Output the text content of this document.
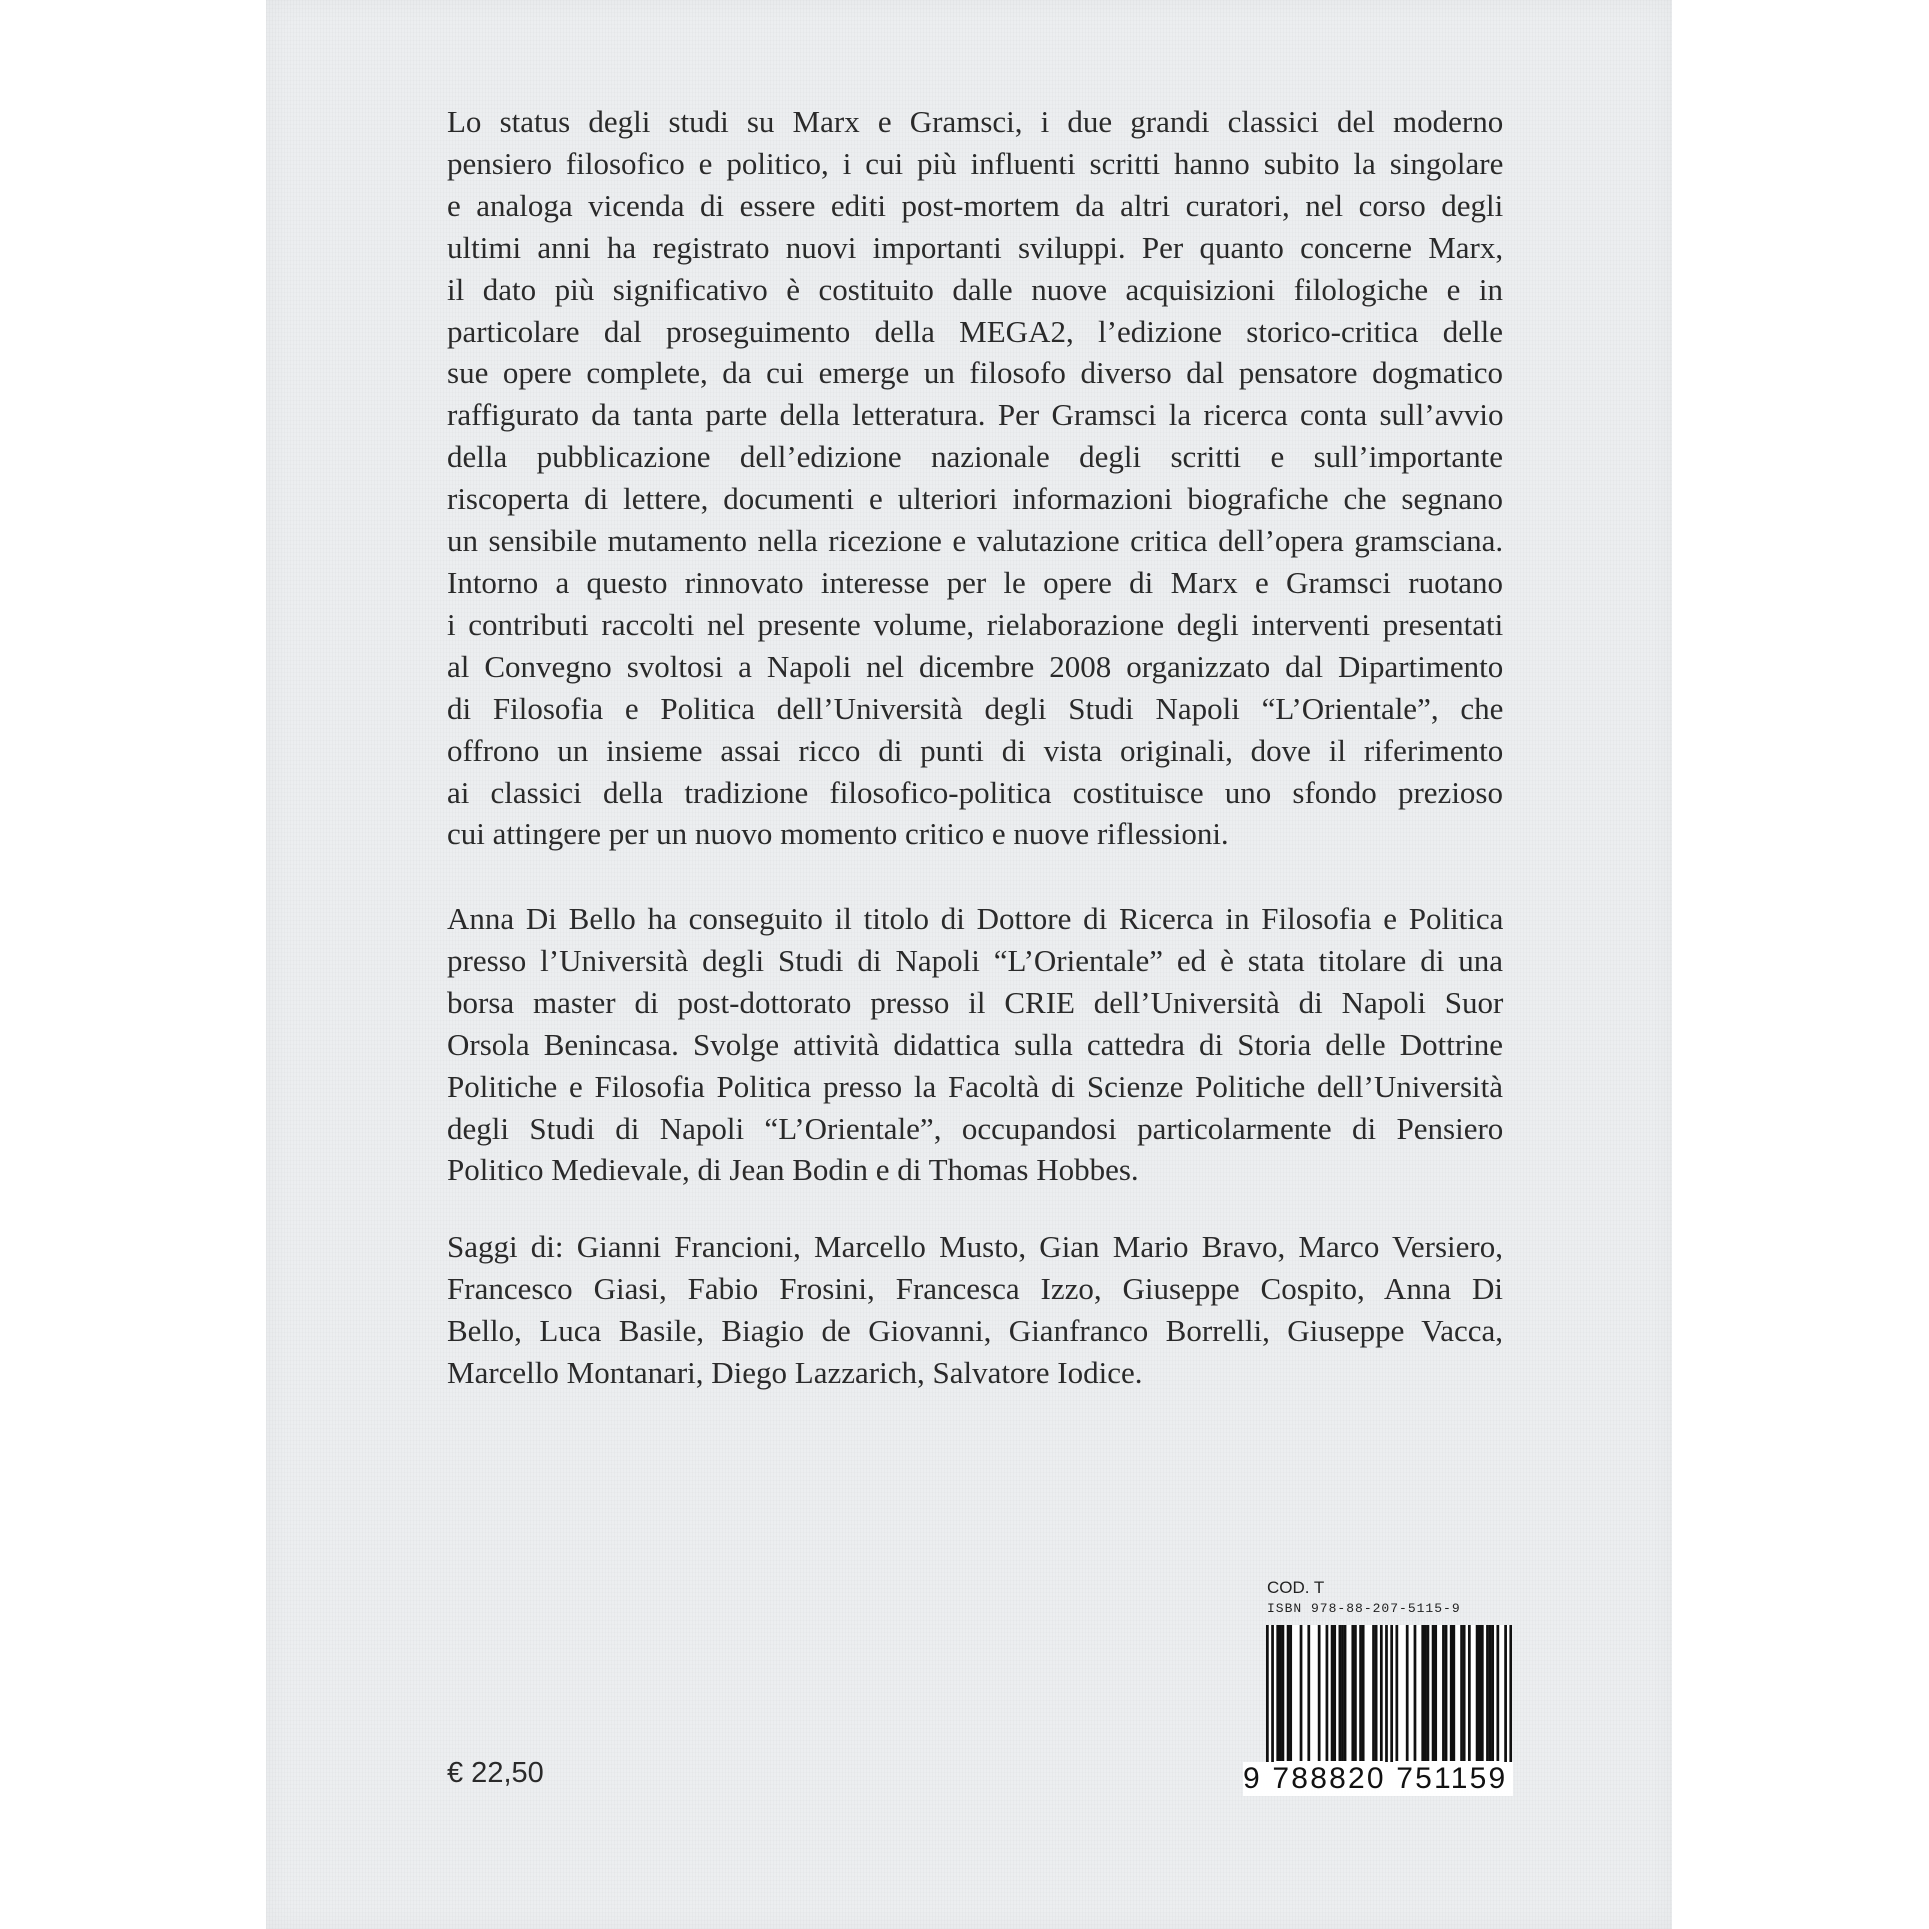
Lo status degli studi su Marx e Gramsci, i due grandi classici del moderno
pensiero filosofico e politico, i cui più influenti scritti hanno subito la singolare
e analoga vicenda di essere editi post-mortem da altri curatori, nel corso degli
ultimi anni ha registrato nuovi importanti sviluppi. Per quanto concerne Marx,
il dato più significativo è costituito dalle nuove acquisizioni filologiche e in
particolare dal proseguimento della MEGA2, l’edizione storico-critica delle
sue opere complete, da cui emerge un filosofo diverso dal pensatore dogmatico
raffigurato da tanta parte della letteratura. Per Gramsci la ricerca conta sull’avvio
della pubblicazione dell’edizione nazionale degli scritti e sull’importante
riscoperta di lettere, documenti e ulteriori informazioni biografiche che segnano
un sensibile mutamento nella ricezione e valutazione critica dell’opera gramsciana.
Intorno a questo rinnovato interesse per le opere di Marx e Gramsci ruotano
i contributi raccolti nel presente volume, rielaborazione degli interventi presentati
al Convegno svoltosi a Napoli nel dicembre 2008 organizzato dal Dipartimento
di Filosofia e Politica dell’Università degli Studi Napoli “L’Orientale”, che
offrono un insieme assai ricco di punti di vista originali, dove il riferimento
ai classici della tradizione filosofico-politica costituisce uno sfondo prezioso
cui attingere per un nuovo momento critico e nuove riflessioni.
Anna Di Bello ha conseguito il titolo di Dottore di Ricerca in Filosofia e Politica
presso l’Università degli Studi di Napoli “L’Orientale” ed è stata titolare di una
borsa master di post-dottorato presso il CRIE dell’Università di Napoli Suor
Orsola Benincasa. Svolge attività didattica sulla cattedra di Storia delle Dottrine
Politiche e Filosofia Politica presso la Facoltà di Scienze Politiche dell’Università
degli Studi di Napoli “L’Orientale”, occupandosi particolarmente di Pensiero
Politico Medievale, di Jean Bodin e di Thomas Hobbes.
Saggi di: Gianni Francioni, Marcello Musto, Gian Mario Bravo, Marco Versiero,
Francesco Giasi, Fabio Frosini, Francesca Izzo, Giuseppe Cospito, Anna Di
Bello, Luca Basile, Biagio de Giovanni, Gianfranco Borrelli, Giuseppe Vacca,
Marcello Montanari, Diego Lazzarich, Salvatore Iodice.
€ 22,50
COD. T
ISBN 978-88-207-5115-9
9 788820 751159
